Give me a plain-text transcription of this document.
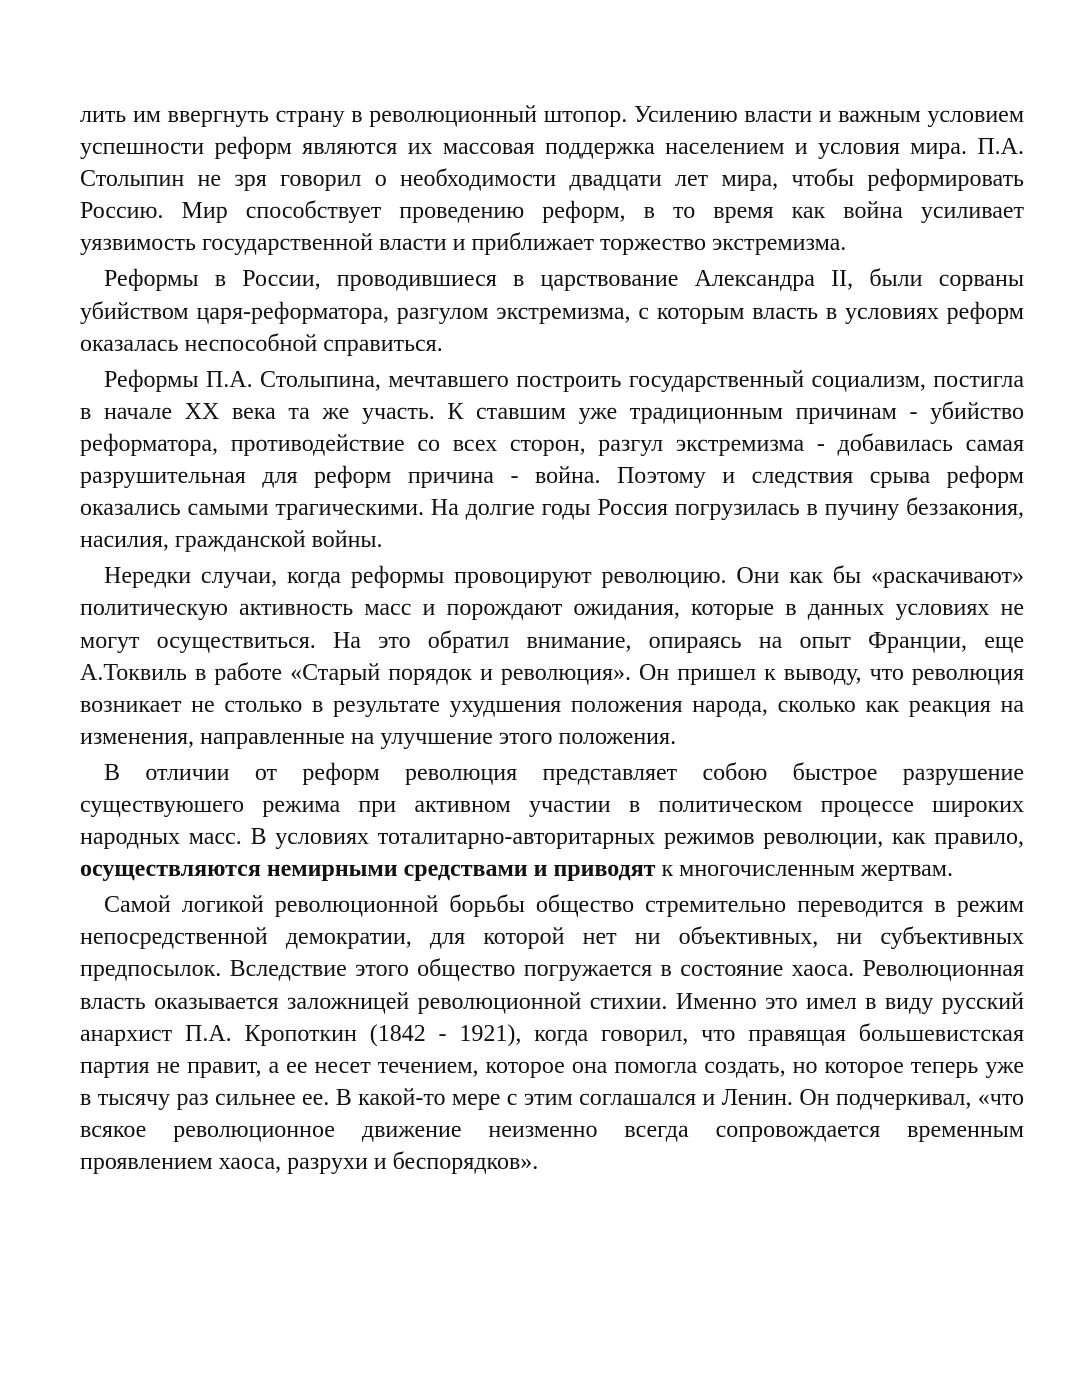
лить им ввергнуть страну в революционный штопор. Усилению власти и важным условием успешности реформ являются их массовая поддержка населением и условия мира. П.А. Столыпин не зря говорил о необходимости двадцати лет мира, чтобы реформировать Россию. Мир способствует проведению реформ, в то время как война усиливает уязвимость государственной власти и приближает торжество экстремизма.

Реформы в России, проводившиеся в царствование Александра II, были сорваны убийством царя-реформатора, разгулом экстремизма, с которым власть в условиях реформ оказалась неспособной справиться.

Реформы П.А. Столыпина, мечтавшего построить государственный социализм, постигла в начале XX века та же участь. К ставшим уже традиционным причинам - убийство реформатора, противодействие со всех сторон, разгул экстремизма - добавилась самая разрушительная для реформ причина - война. Поэтому и следствия срыва реформ оказались самыми трагическими. На долгие годы Россия погрузилась в пучину беззакония, насилия, гражданской войны.

Нередки случаи, когда реформы провоцируют революцию. Они как бы «раскачивают» политическую активность масс и порождают ожидания, которые в данных условиях не могут осуществиться. На это обратил внимание, опираясь на опыт Франции, еще А.Токвиль в работе «Старый порядок и революция». Он пришел к выводу, что революция возникает не столько в результате ухудшения положения народа, сколько как реакция на изменения, направленные на улучшение этого положения.

В отличии от реформ революция представляет собою быстрое разрушение существуюшего режима при активном участии в политическом процессе широких народных масс. В условиях тоталитарно-авторитарных режимов революции, как правило, осуществляются немирными средствами и приводят к многочисленным жертвам.

Самой логикой революционной борьбы общество стремительно переводится в режим непосредственной демократии, для которой нет ни объективных, ни субъективных предпосылок. Вследствие этого общество погружается в состояние хаоса. Революционная власть оказывается заложницей революционной стихии. Именно это имел в виду русский анархист П.А. Кропоткин (1842 - 1921), когда говорил, что правящая большевистская партия не правит, а ее несет течением, которое она помогла создать, но которое теперь уже в тысячу раз сильнее ее. В какой-то мере с этим соглашался и Ленин. Он подчеркивал, «что всякое революционное движение неизменно всегда сопровождается временным проявлением хаоса, разрухи и беспорядков».
